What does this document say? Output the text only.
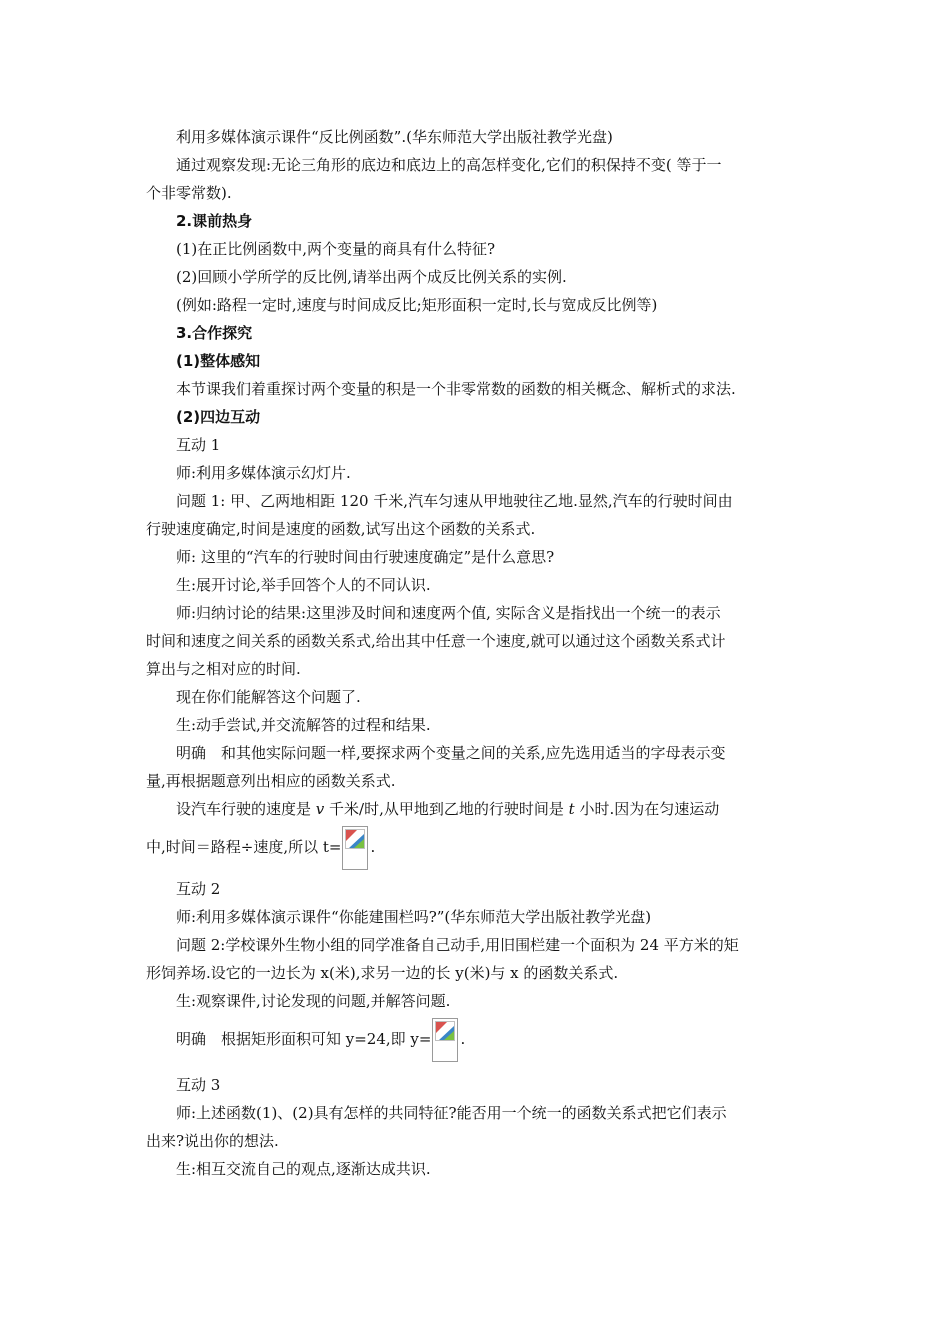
利用多媒体演示课件“反比例函数”.(华东师范大学出版社教学光盘)
通过观察发现:无论三角形的底边和底边上的高怎样变化,它们的积保持不变( 等于一
个非零常数).
2.课前热身
(1)在正比例函数中,两个变量的商具有什么特征?
(2)回顾小学所学的反比例,请举出两个成反比例关系的实例.
(例如:路程一定时,速度与时间成反比;矩形面积一定时,长与宽成反比例等)
3.合作探究
(1)整体感知
本节课我们着重探讨两个变量的积是一个非零常数的函数的相关概念、解析式的求法.
(2)四边互动
互动 1
师:利用多媒体演示幻灯片.
问题 1: 甲、乙两地相距 120 千米,汽车匀速从甲地驶往乙地.显然,汽车的行驶时间由
行驶速度确定,时间是速度的函数,试写出这个函数的关系式.
师: 这里的“汽车的行驶时间由行驶速度确定”是什么意思?
生:展开讨论,举手回答个人的不同认识.
师:归纳讨论的结果:这里涉及时间和速度两个值, 实际含义是指找出一个统一的表示
时间和速度之间关系的函数关系式,给出其中任意一个速度,就可以通过这个函数关系式计
算出与之相对应的时间.
现在你们能解答这个问题了.
生:动手尝试,并交流解答的过程和结果.
明确　和其他实际问题一样,要探求两个变量之间的关系,应先选用适当的字母表示变
量,再根据题意列出相应的函数关系式.
设汽车行驶的速度是 v 千米/时,从甲地到乙地的行驶时间是 t 小时.因为在匀速运动
中,时间＝路程÷速度,所以 t= .
互动 2
师:利用多媒体演示课件“你能建围栏吗?”(华东师范大学出版社教学光盘)
问题 2:学校课外生物小组的同学准备自己动手,用旧围栏建一个面积为 24 平方米的矩
形饲养场.设它的一边长为 x(米),求另一边的长 y(米)与 x 的函数关系式.
生:观察课件,讨论发现的问题,并解答问题.
明确　根据矩形面积可知 y=24,即 y= .
互动 3
师:上述函数(1)、(2)具有怎样的共同特征?能否用一个统一的函数关系式把它们表示
出来?说出你的想法.
生:相互交流自己的观点,逐渐达成共识.
